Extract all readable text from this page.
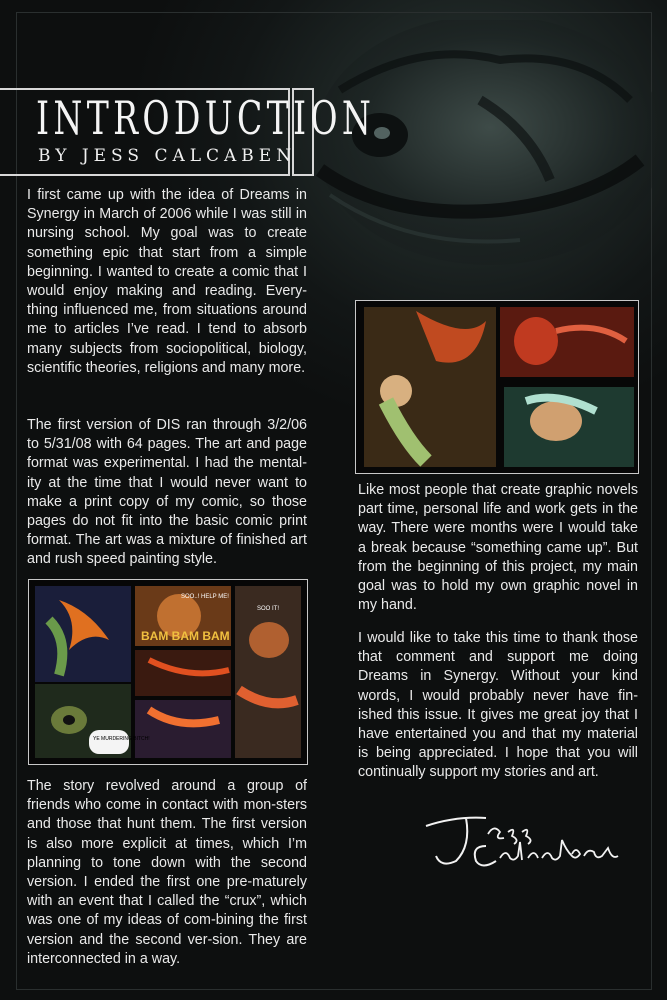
INTRODUCTION
BY JESS CALCABEN

I first came up with the idea of Dreams in Synergy in March of 2006 while I was still in nursing school. My goal was to create something epic that start from a simple beginning. I wanted to create a comic that I would enjoy making and reading. Every-thing influenced me, from situations around me to articles I’ve read. I tend to absorb many subjects from sociopolitical, biology, scientific theories, religions and many more.

The first version of DIS ran through 3/2/06 to 5/31/08 with 64 pages. The art and page format was experimental. I had the mental-ity at the time that I would never want to make a print copy of my comic, so those pages do not fit into the basic comic print format. The art was a mixture of finished art and rush speed painting style.

SOO..! HELP ME!
BAM BAM BAM
SOO IT!
YE MURDERING BITCH!

The story revolved around a group of friends who come in contact with mon-sters and those that hunt them. The first version is also more explicit at times, which I’m planning to tone down with the second version. I ended the first one pre-maturely with an event that I called the “crux”, which was one of my ideas of com-bining the first version and the second ver-sion. They are interconnected in a way.

Like most people that create graphic novels part time, personal life and work gets in the way. There were months were I would take a break because “something came up”. But from the beginning of this project, my main goal was to hold my own graphic novel in my hand.

I would like to take this time to thank those that comment and support me doing Dreams in Synergy. Without your kind words, I would probably never have fin-ished this issue. It gives me great joy that I have entertained you and that my material is being appreciated. I hope that you will continually support my stories and art.
